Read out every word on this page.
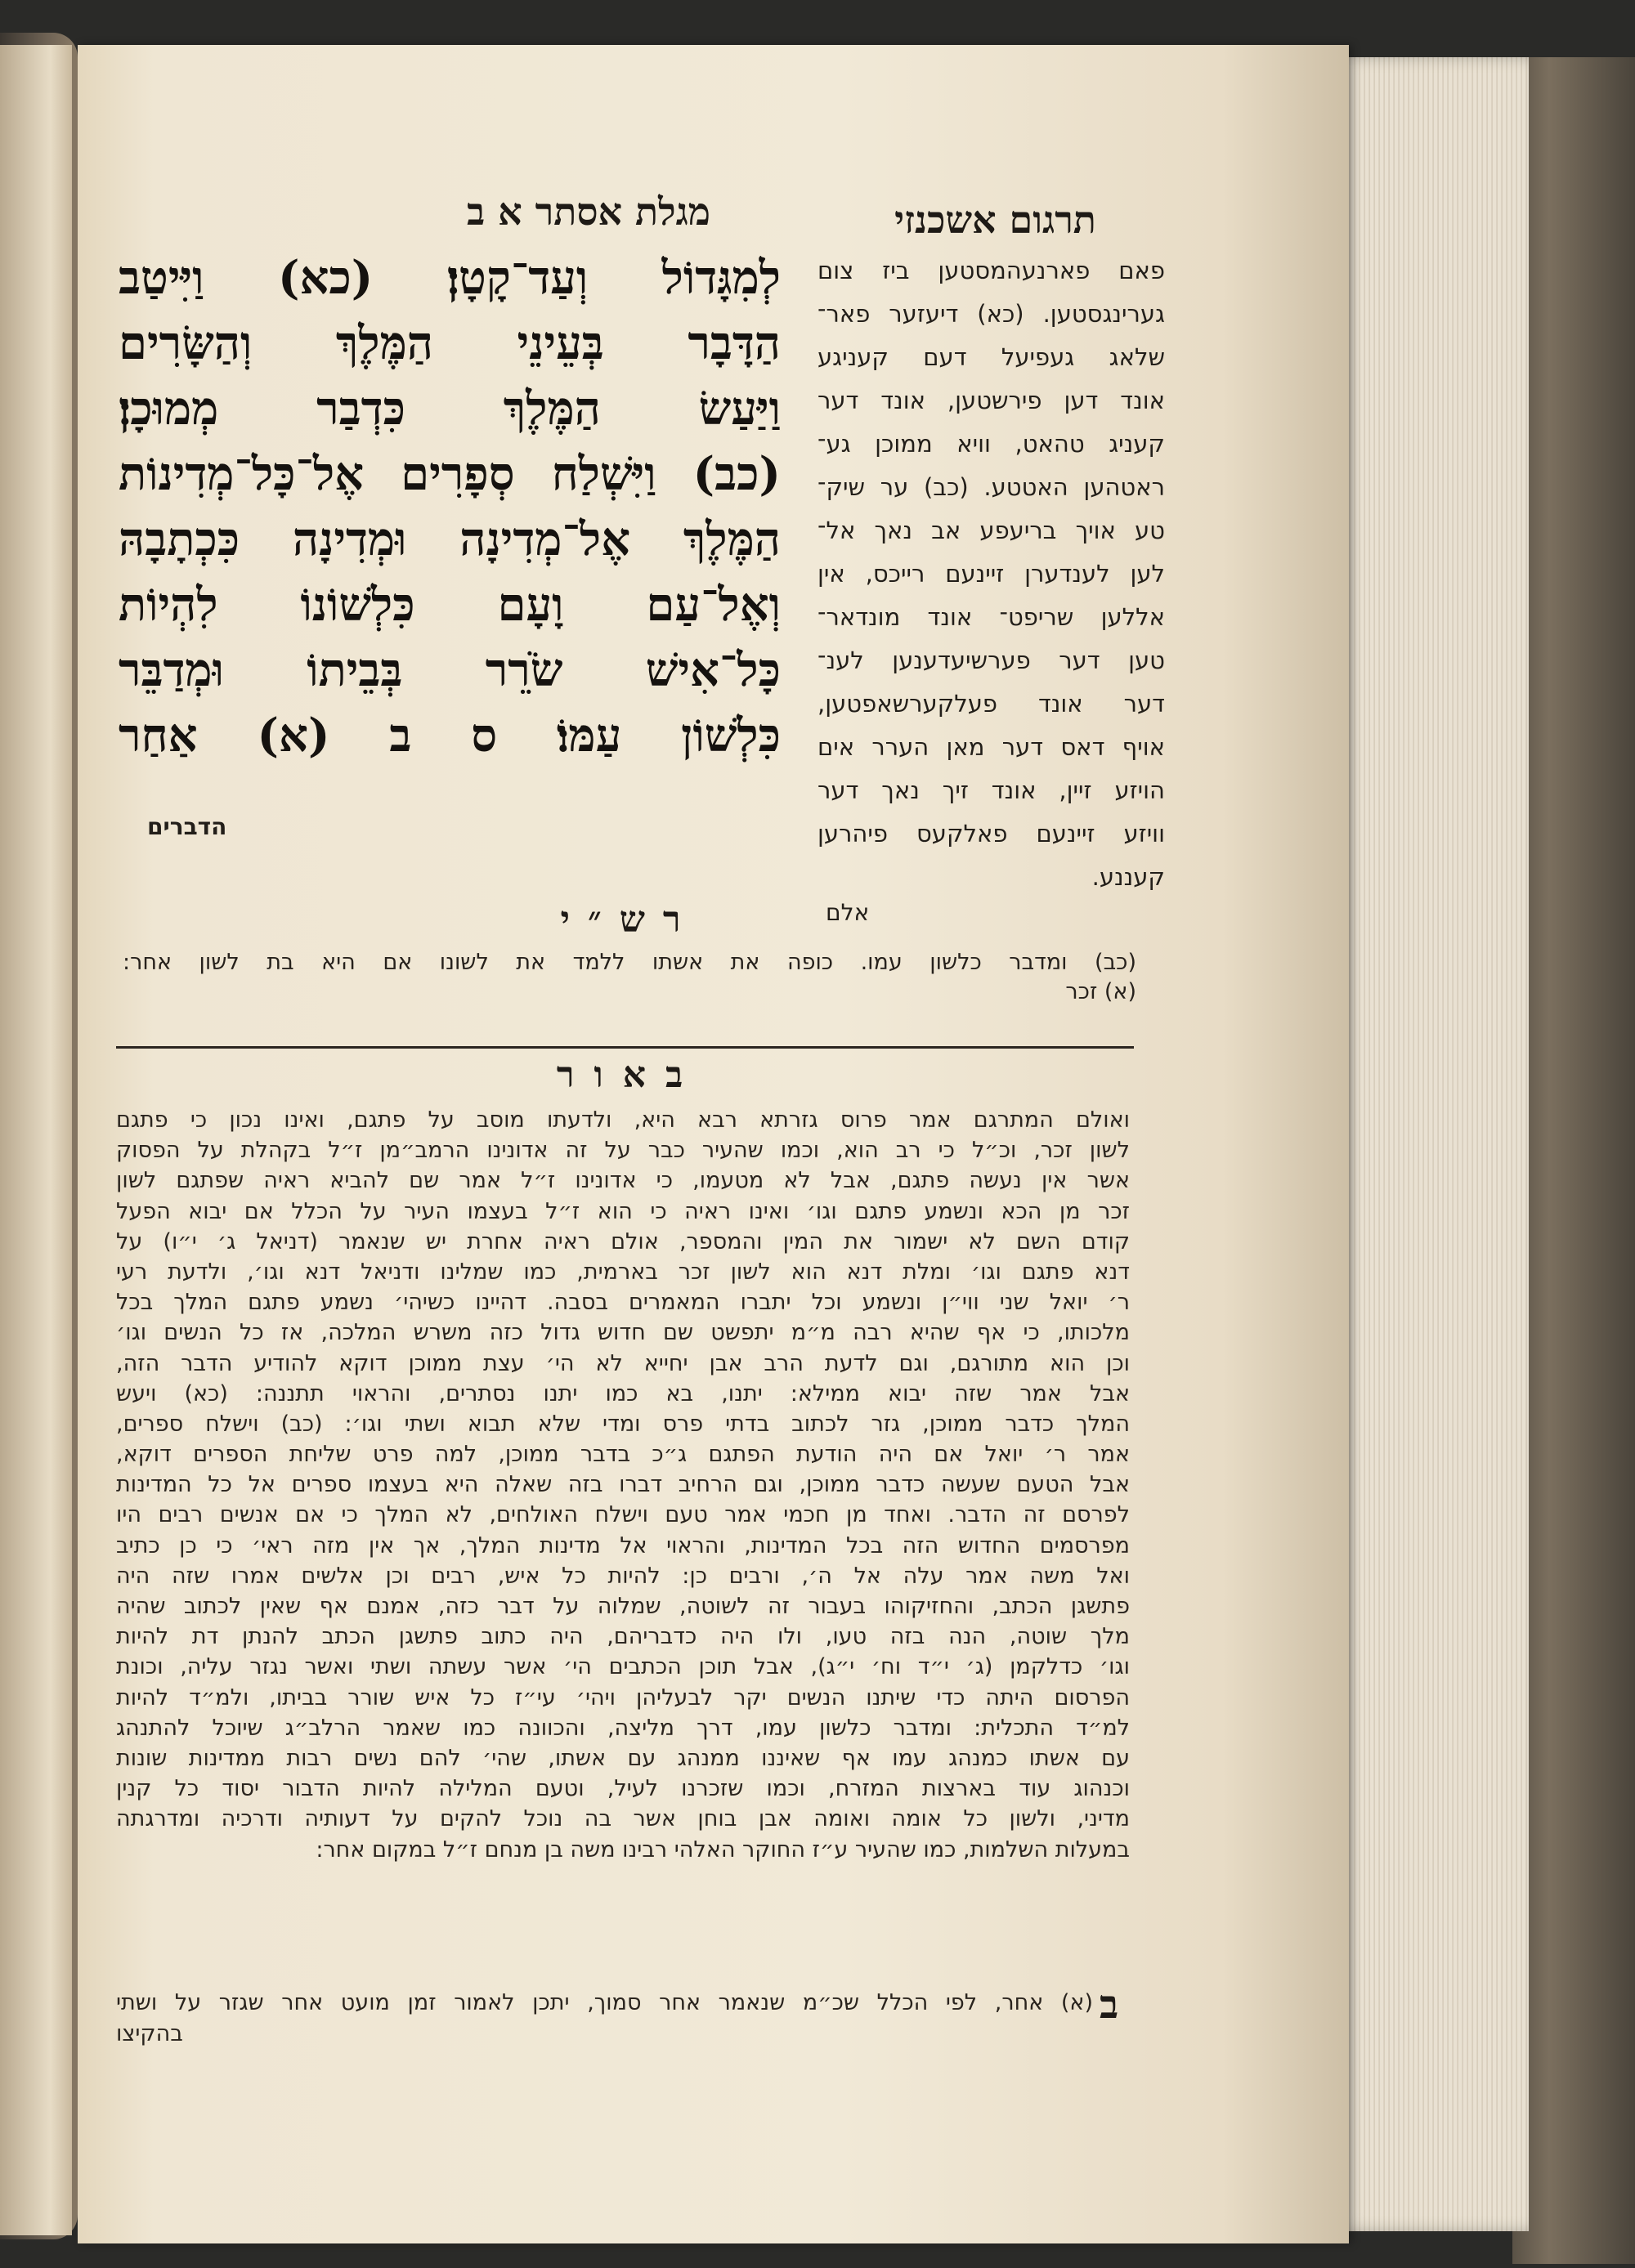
תרגום אשכנזי
מגלת אסתר א ב
לְמִגָּדוֹל וְעַד־קָטָן׃ (כא) וַיִּיטַב
הַדָּבָר בְּעֵינֵי הַמֶּלֶךְ וְהַשָּׂרִים
וַיַּעַשׂ הַמֶּלֶךְ כִּדְבַר מְמוּכָן׃
(כב) וַיִּשְׁלַח סְפָרִים אֶל־כָּל־מְדִינוֹת
הַמֶּלֶךְ אֶל־מְדִינָה וּמְדִינָה כִּכְתָבָהּ
וְאֶל־עַם וָעָם כִּלְשׁוֹנוֹ לִהְיוֹת
כָּל־אִישׁ שֹׂרֵר בְּבֵיתוֹ וּמְדַבֵּר
כִּלְשׁוֹן עַמּוֹ׃ ס ב (א) אַחַר
הדברים
פאם פארנעהמסטען ביז צום
גערינגסטען. (כא) דיעזער פאר־
שלאג געפיעל דעם קעניגע
אונד דען פירשטען, אונד דער
קעניג טהאט, וויא ממוכן גע־
ראטהען האטטע. (כב) ער שיק־
טע אויך בריעפע אב נאך אל־
לען לענדערן זיינעם רייכס, אין
אללען שריפט־ אונד מונדאר־
טען דער פערשיעדענען לענ־
דער אונד פעלקערשאפטען,
אויף דאס דער מאן הערר אים
הויזע זיין, אונד זיך נאך דער
וויזע זיינעם פאלקעס פיהרען
קעננע.
אלם
רש״י
(כב) ומדבר כלשון עמו. כופה את אשתו ללמד את לשונו אם היא בת לשון אחר:
(א) זכר
באור
ואולם המתרגם אמר פרוס גזרתא רבא היא, ולדעתו מוסב על פתגם, ואינו נכון כי פתגם
לשון זכר, וכ״ל כי רב הוא, וכמו שהעיר כבר על זה אדונינו הרמב״מן ז״ל בקהלת על הפסוק
אשר אין נעשה פתגם, אבל לא מטעמו, כי אדונינו ז״ל אמר שם להביא ראיה שפתגם לשון
זכר מן הכא ונשמע פתגם וגו׳ ואינו ראיה כי הוא ז״ל בעצמו העיר על הכלל אם יבוא הפעל
קודם השם לא ישמור את המין והמספר, אולם ראיה אחרת יש שנאמר (דניאל ג׳ י״ו) על
דנא פתגם וגו׳ ומלת דנא הוא לשון זכר בארמית, כמו שמלינו ודניאל דנא וגו׳, ולדעת רעי
ר׳ יואל שני ווי״ן ונשמע וכל יתברו המאמרים בסבה. דהיינו כשיהי׳ נשמע פתגם המלך בכל
מלכותו, כי אף שהיא רבה מ״מ יתפשט שם חדוש גדול כזה משרש המלכה, אז כל הנשים וגו׳
וכן הוא מתורגם, וגם לדעת הרב אבן יחייא לא הי׳ עצת ממוכן דוקא להודיע הדבר הזה,
אבל אמר שזה יבוא ממילא: יתנו, בא כמו יתנו נסתרים, והראוי תתננה: (כא) ויעש
המלך כדבר ממוכן, גזר לכתוב בדתי פרס ומדי שלא תבוא ושתי וגו׳: (כב) וישלח ספרים,
אמר ר׳ יואל אם היה הודעת הפתגם ג״כ בדבר ממוכן, למה פרט שליחת הספרים דוקא,
אבל הטעם שעשה כדבר ממוכן, וגם הרחיב דברו בזה שאלה היא בעצמו ספרים אל כל המדינות
לפרסם זה הדבר. ואחד מן חכמי אמר טעם וישלח האולחים, לא המלך כי אם אנשים רבים היו
מפרסמים החדוש הזה בכל המדינות, והראוי אל מדינות המלך, אך אין מזה ראי׳ כי כן כתיב
ואל משה אמר עלה אל ה׳, ורבים כן: להיות כל איש, רבים וכן אלשים אמרו שזה היה
פתשגן הכתב, והחזיקוהו בעבור זה לשוטה, שמלוה על דבר כזה, אמנם אף שאין לכתוב שהיה
מלך שוטה, הנה בזה טעו, ולו היה כדבריהם, היה כתוב פתשגן הכתב להנתן דת להיות
וגו׳ כדלקמן (ג׳ י״ד וח׳ י״ג), אבל תוכן הכתבים הי׳ אשר עשתה ושתי ואשר נגזר עליה, וכונת
הפרסום היתה כדי שיתנו הנשים יקר לבעליהן ויהי׳ עי״ז כל איש שורר בביתו, ולמ״ד להיות
למ״ד התכלית: ומדבר כלשון עמו, דרך מליצה, והכוונה כמו שאמר הרלב״ג שיוכל להתנהג
עם אשתו כמנהג עמו אף שאיננו ממנהג עם אשתו, שהי׳ להם נשים רבות ממדינות שונות
וכנהוג עוד בארצות המזרח, וכמו שזכרנו לעיל, וטעם המלילה להיות הדבור יסוד כל קנין
מדיני, ולשון כל אומה ואומה אבן בוחן אשר בה נוכל להקים על דעותיה ודרכיה ומדרגתה
במעלות השלמות, כמו שהעיר ע״ז החוקר האלהי רבינו משה בן מנחם ז״ל במקום אחר:
ב
(א) אחר, לפי הכלל שכ״מ שנאמר אחר סמוך, יתכן לאמור זמן מועט אחר שגזר על ושתי
בהקיצו
